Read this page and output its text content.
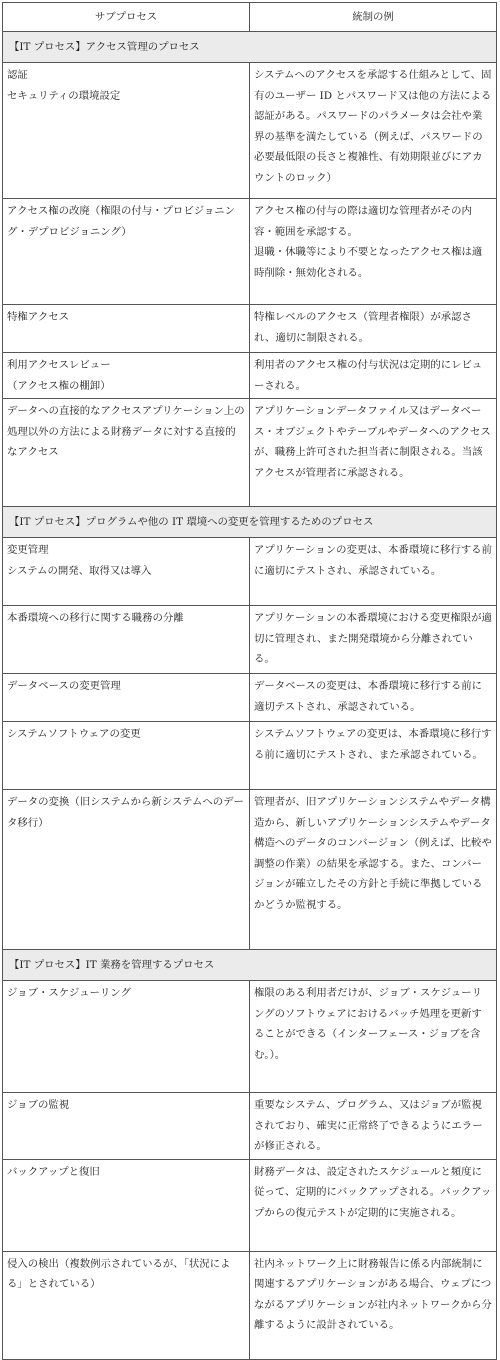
サブプロセス	統制の例
【IT プロセス】アクセス管理のプロセス	

認証
セキュリティの環境設定	システムへのアクセスを承認する仕組みとして、固有のユーザー ID とパスワード又は他の方法による認証がある。パスワードのパラメータは会社や業界の基準を満たしている（例えば、パスワードの必要最低限の長さと複雑性、有効期限並びにアカウントのロック）

アクセス権の改廃（権限の付与・プロビジョニング・デプロビジョニング）	アクセス権の付与の際は適切な管理者がその内容・範囲を承認する。
退職・休職等により不要となったアクセス権は適時削除・無効化される。

特権アクセス	特権レベルのアクセス（管理者権限）が承認され、適切に制限される。

利用アクセスレビュー
（アクセス権の棚卸）	利用者のアクセス権の付与状況は定期的にレビューされる。

データへの直接的なアクセスアプリケーション上の処理以外の方法による財務データに対する直接的なアクセス	アプリケーションデータファイル又はデータベース・オブジェクトやテーブルやデータへのアクセスが、職務上許可された担当者に制限される。当該アクセスが管理者に承認される。

【IT プロセス】プログラムや他の IT 環境への変更を管理するためのプロセス	

変更管理
システムの開発、取得又は導入	アプリケーションの変更は、本番環境に移行する前に適切にテストされ、承認されている。

本番環境への移行に関する職務の分離	アプリケーションの本番環境における変更権限が適切に管理され、また開発環境から分離されている。

データベースの変更管理	データベースの変更は、本番環境に移行する前に適切テストされ、承認されている。

システムソフトウェアの変更	システムソフトウェアの変更は、本番環境に移行する前に適切にテストされ、また承認されている。

データの変換（旧システムから新システムへのデータ移行）	管理者が、旧アプリケーションシステムやデータ構造から、新しいアプリケーションシステムやデータ構造へのデータのコンバージョン（例えば、比較や調整の作業）の結果を承認する。また、コンバージョンが確立したその方針と手続に準拠しているかどうか監視する。

【IT プロセス】IT 業務を管理するプロセス	

ジョブ・スケジューリング	権限のある利用者だけが、ジョブ・スケジューリングのソフトウェアにおけるバッチ処理を更新することができる（インターフェース・ジョブを含む。）。

ジョブの監視	重要なシステム、プログラム、又はジョブが監視されており、確実に正常終了できるようにエラーが修正される。

バックアップと復旧	財務データは、設定されたスケジュールと頻度に従って、定期的にバックアップされる。バックアップからの復元テストが定期的に実施される。

侵入の検出（複数例示されているが、「状況による」とされている）	社内ネットワーク上に財務報告に係る内部統制に関連するアプリケーションがある場合、ウェブにつながるアプリケーションが社内ネットワークから分離するように設計されている。
